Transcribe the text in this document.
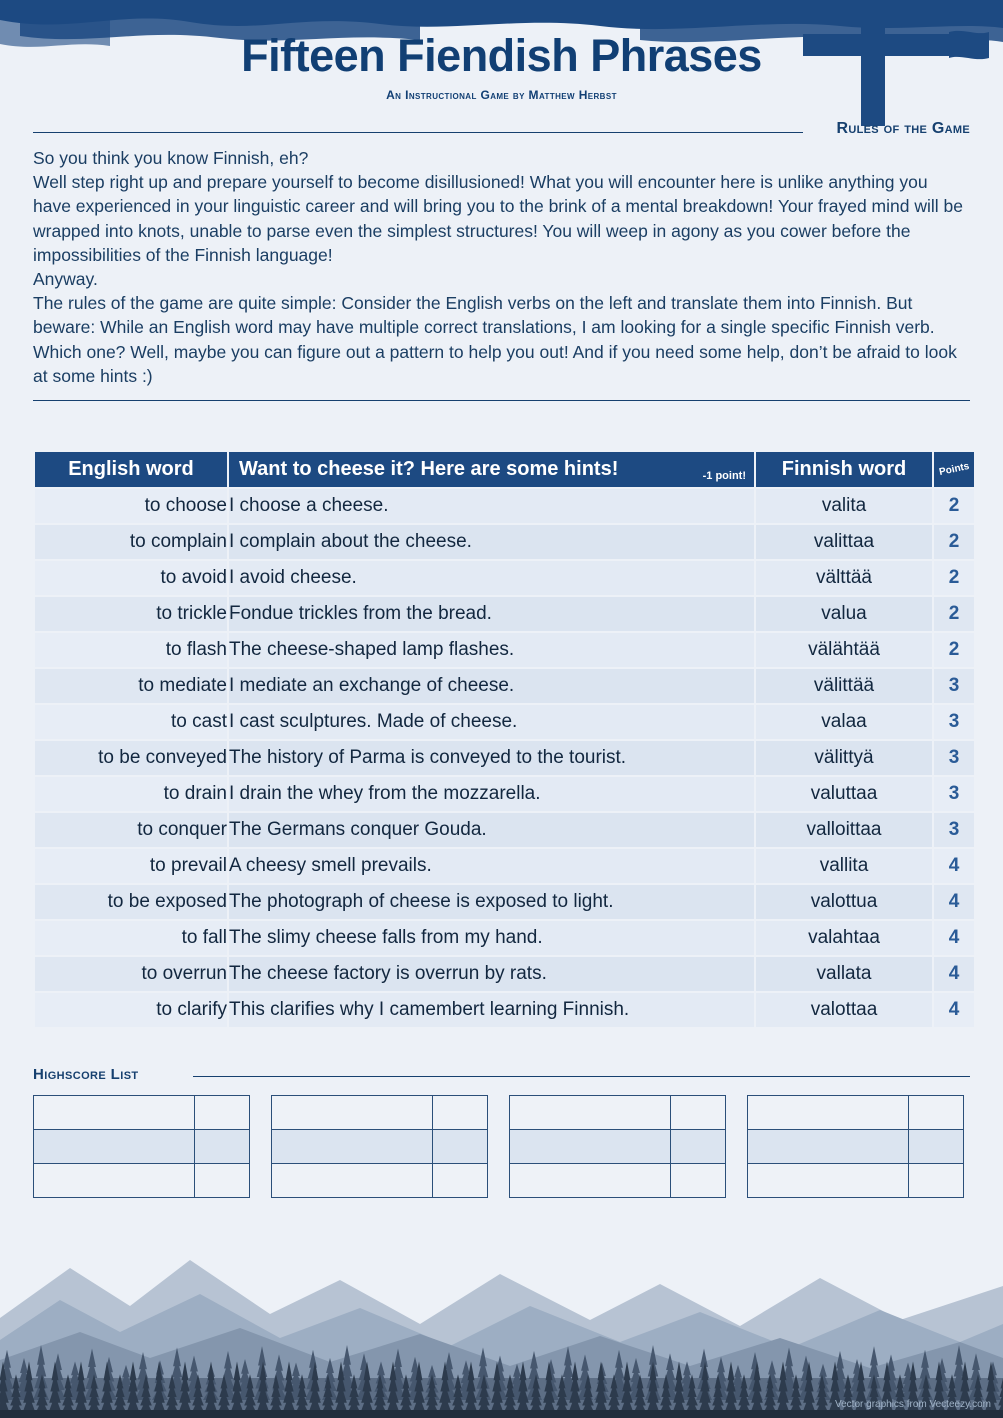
Fifteen Fiendish Phrases
An Instructional Game by Matthew Herbst
Rules of the Game

So you think you know Finnish, eh?

Well step right up and prepare yourself to become disillusioned! What you will encounter here is unlike anything you have experienced in your linguistic career and will bring you to the brink of a mental breakdown! Your frayed mind will be wrapped into knots, unable to parse even the simplest structures! You will weep in agony as you cower before the impossibilities of the Finnish language!

Anyway.

The rules of the game are quite simple: Consider the English verbs on the left and translate them into Finnish. But beware: While an English word may have multiple correct translations, I am looking for a single specific Finnish verb. Which one? Well, maybe you can figure out a pattern to help you out! And if you need some help, don’t be afraid to look at some hints :)

English word	Want to cheese it? Here are some hints! -1 point!	Finnish word	Points
to choose	I choose a cheese.	valita	2
to complain	I complain about the cheese.	valittaa	2
to avoid	I avoid cheese.	välttää	2
to trickle	Fondue trickles from the bread.	valua	2
to flash	The cheese-shaped lamp flashes.	välähtää	2
to mediate	I mediate an exchange of cheese.	välittää	3
to cast	I cast sculptures. Made of cheese.	valaa	3
to be conveyed	The history of Parma is conveyed to the tourist.	välittyä	3
to drain	I drain the whey from the mozzarella.	valuttaa	3
to conquer	The Germans conquer Gouda.	valloittaa	3
to prevail	A cheesy smell prevails.	vallita	4
to be exposed	The photograph of cheese is exposed to light.	valottua	4
to fall	The slimy cheese falls from my hand.	valahtaa	4
to overrun	The cheese factory is overrun by rats.	vallata	4
to clarify	This clarifies why I camembert learning Finnish.	valottaa	4
Highscore List

Vector graphics from Vecteezy.com
